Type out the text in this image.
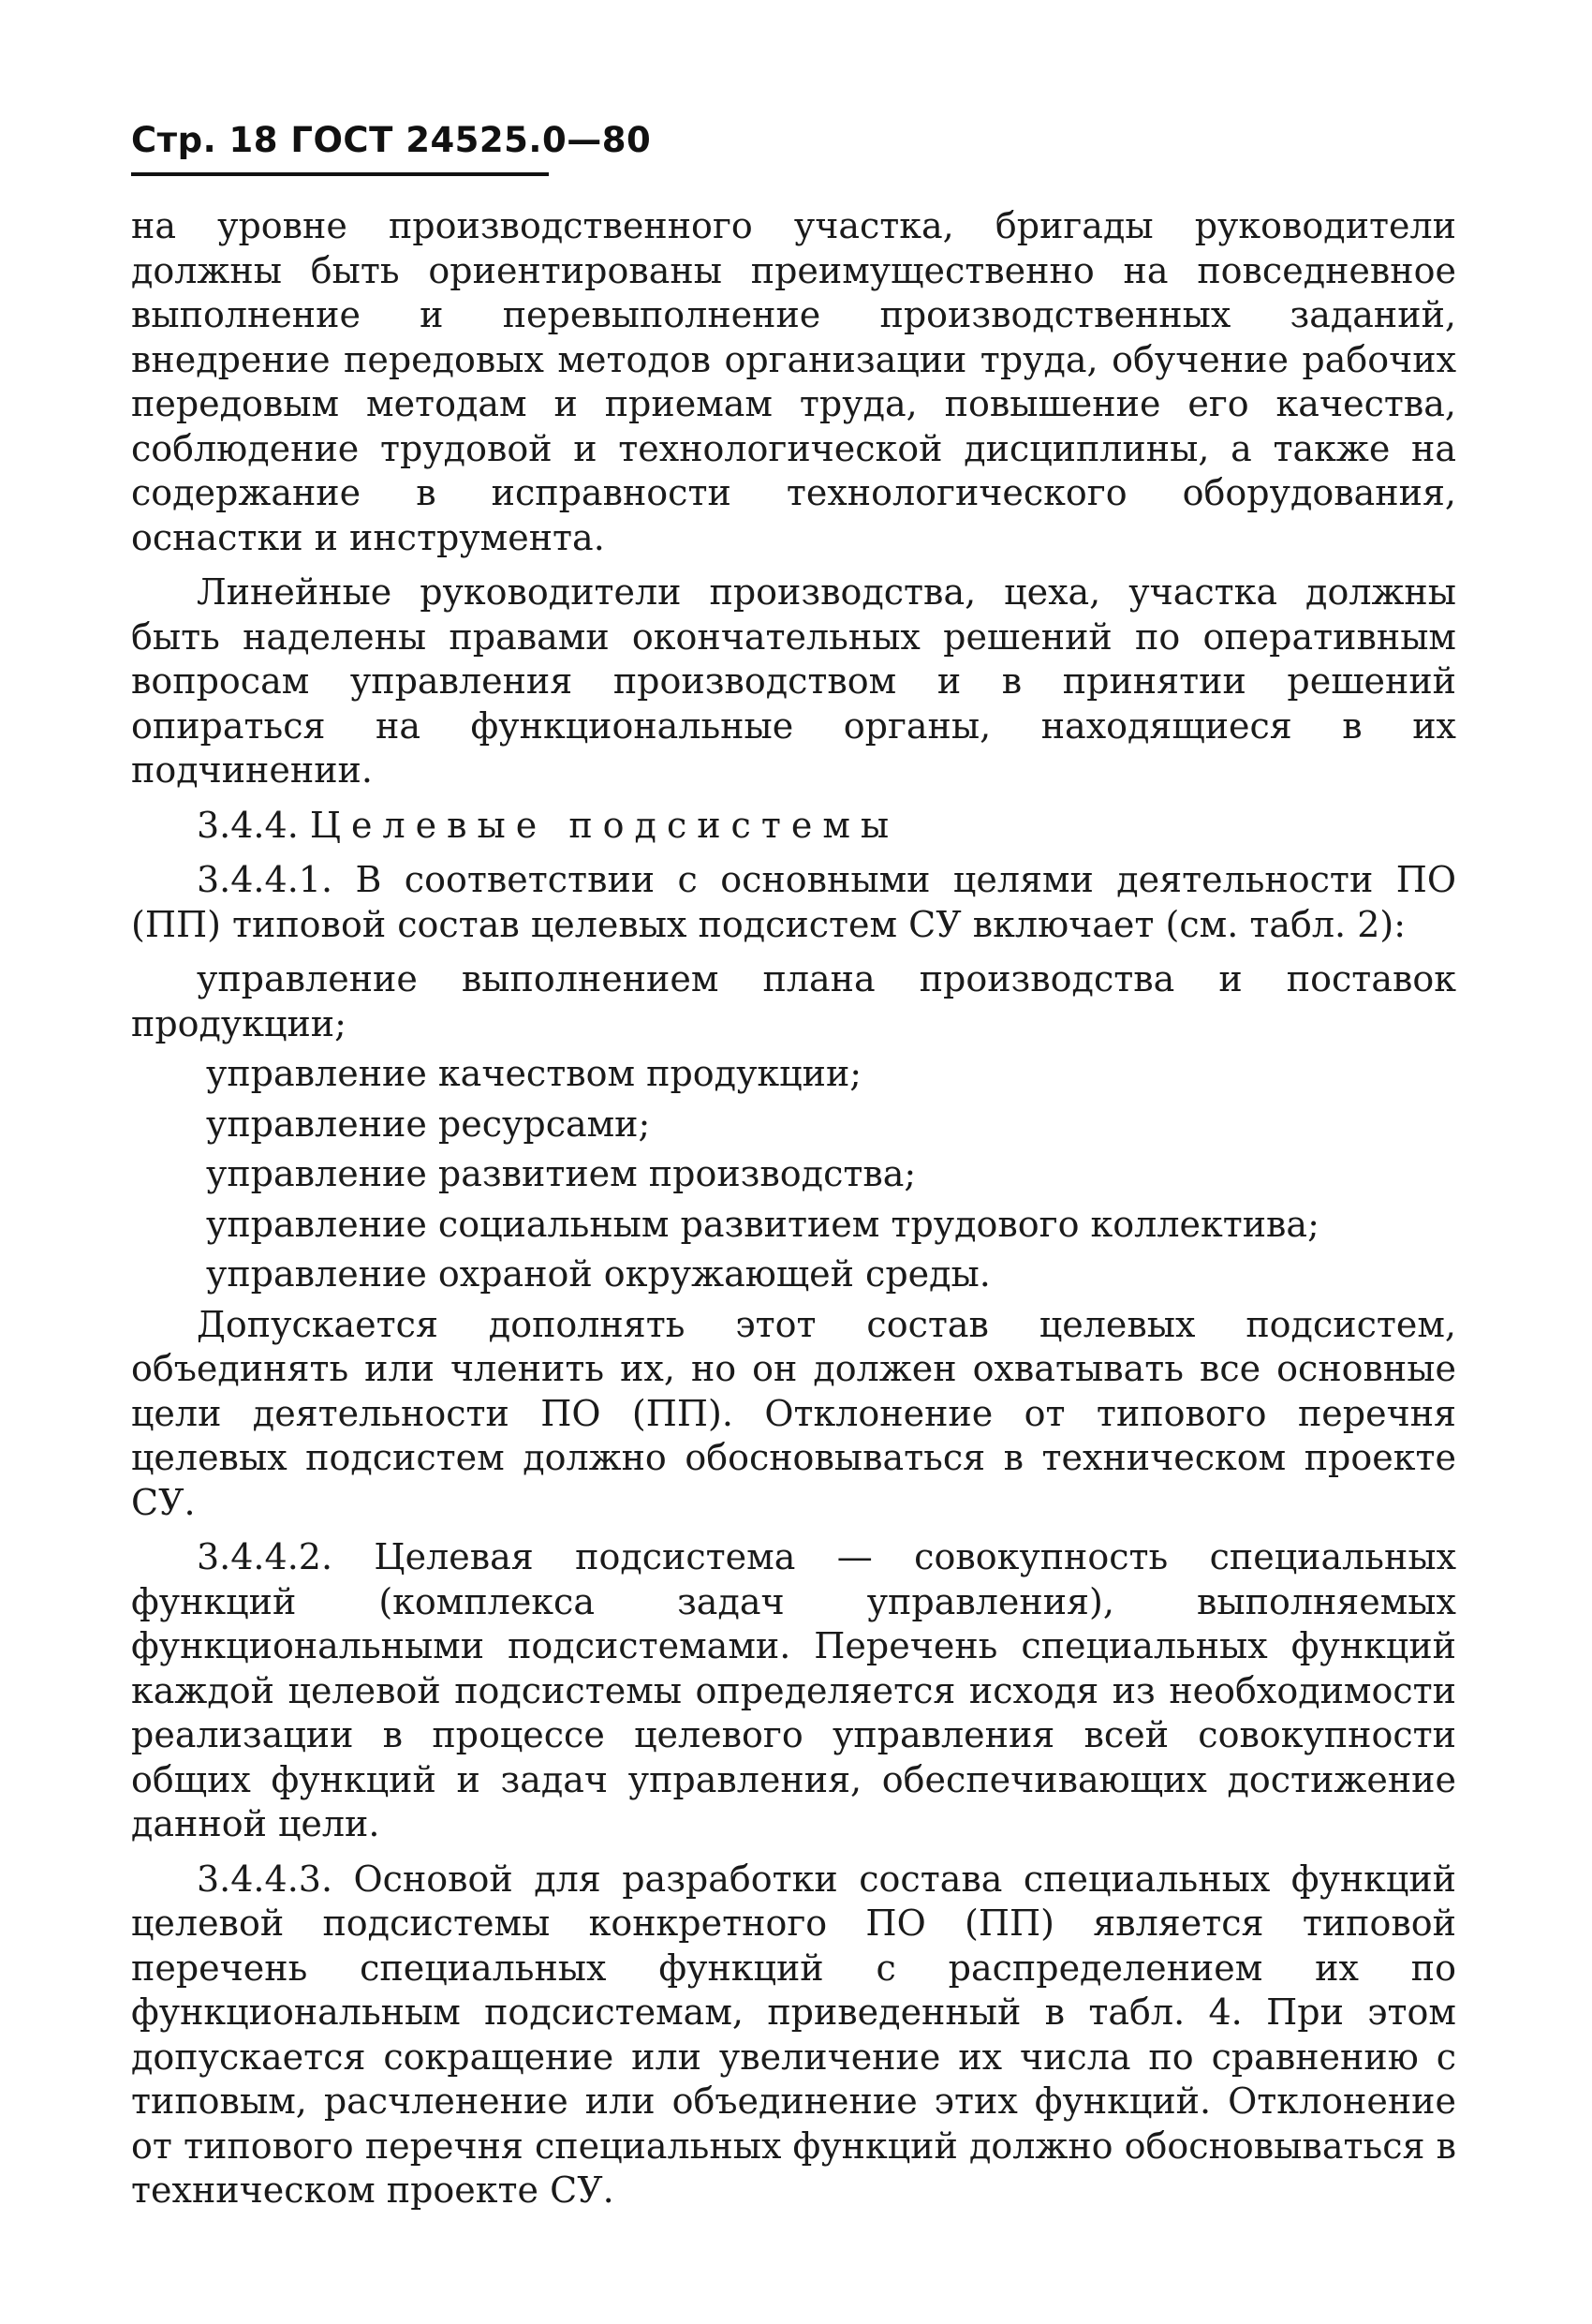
Стр. 18 ГОСТ 24525.0—80

на уровне производственного участка, бригады руководители должны быть ориентированы преимущественно на повседневное выполнение и перевыполнение производственных заданий, внедрение передовых методов организации труда, обучение рабочих передовым методам и приемам труда, повышение его качества, соблюдение трудовой и технологической дисциплины, а также на содержание в исправности технологического оборудования, оснастки и инструмента.

Линейные руководители производства, цеха, участка должны быть наделены правами окончательных решений по оперативным вопросам управления производством и в принятии решений опираться на функциональные органы, находящиеся в их подчинении.

3.4.4. Целевые подсистемы

3.4.4.1. В соответствии с основными целями деятельности ПО (ПП) типовой состав целевых подсистем СУ включает (см. табл. 2):

управление выполнением плана производства и поставок продукции;

управление качеством продукции;

управление ресурсами;

управление развитием производства;

управление социальным развитием трудового коллектива;

управление охраной окружающей среды.

Допускается дополнять этот состав целевых подсистем, объединять или членить их, но он должен охватывать все основные цели деятельности ПО (ПП). Отклонение от типового перечня целевых подсистем должно обосновываться в техническом проекте СУ.

3.4.4.2. Целевая подсистема — совокупность специальных функций (комплекса задач управления), выполняемых функциональными подсистемами. Перечень специальных функций каждой целевой подсистемы определяется исходя из необходимости реализации в процессе целевого управления всей совокупности общих функций и задач управления, обеспечивающих достижение данной цели.

3.4.4.3. Основой для разработки состава специальных функций целевой подсистемы конкретного ПО (ПП) является типовой перечень специальных функций с распределением их по функциональным подсистемам, приведенный в табл. 4. При этом допускается сокращение или увеличение их числа по сравнению с типовым, расчленение или объединение этих функций. Отклонение от типового перечня специальных функций должно обосновываться в техническом проекте СУ.
